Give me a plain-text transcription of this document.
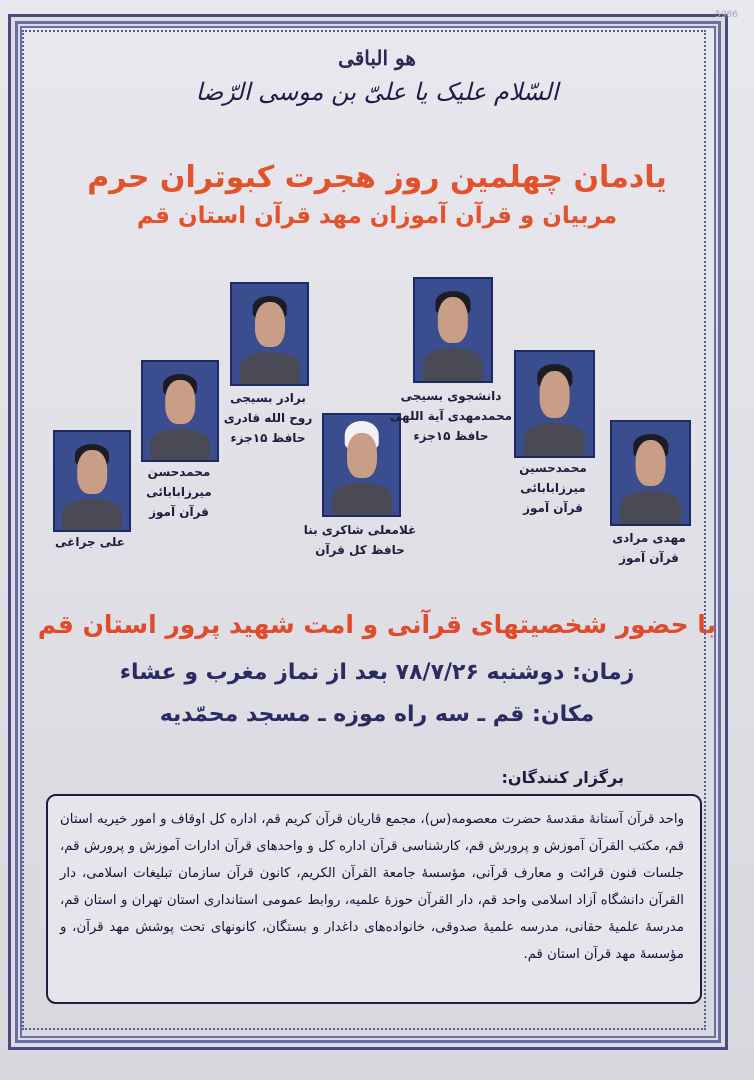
5986
هو الباقی
السّلام علیک یا علیّ بن موسی الرّضا
یادمان چهلمین روز هجرت کبوتران حرم
مربیان و قرآن آموزان مهد قرآن استان قم
علی جراغی
محمدحسن میرزابابائی
قرآن آموز
برادر بسیجی
روح الله قادری
حافظ ۱۵جزء
غلامعلی شاکری بنا
حافظ کل قرآن
دانشجوی بسیجی
محمدمهدی آیة اللهی
حافظ ۱۵جزء
محمدحسین میرزابابائی
قرآن آموز
مهدی مرادی
قرآن آموز
با حضور شخصیتهای قرآنی و امت شهید پرور استان قم
زمان: دوشنبه ۷۸/۷/۲۶ بعد از نماز مغرب و عشاء
مکان: قم ـ سه راه موزه ـ مسجد محمّدیه
برگزار کنندگان:
واحد قرآن آستانهٔ مقدسهٔ حضرت معصومه(س)، مجمع قاریان قرآن کریم قم، اداره کل اوقاف و امور خیریه استان قم، مکتب القرآن آموزش و پرورش قم، کارشناسی قرآن اداره کل و واحدهای قرآن ادارات آموزش و پرورش قم، جلسات فنون قرائت و معارف قرآنی، مؤسسهٔ جامعة القرآن الکریم، کانون قرآن سازمان تبلیغات اسلامی، دار القرآن دانشگاه آزاد اسلامی واحد قم، دار القرآن حوزهٔ علمیه، روابط عمومی استانداری استان تهران و استان قم، مدرسهٔ علمیهٔ حقانی، مدرسه علمیهٔ صدوقی، خانواده‌های داغدار و بستگان، کانونهای تحت پوشش مهد قرآن، و مؤسسهٔ مهد قرآن استان قم.
